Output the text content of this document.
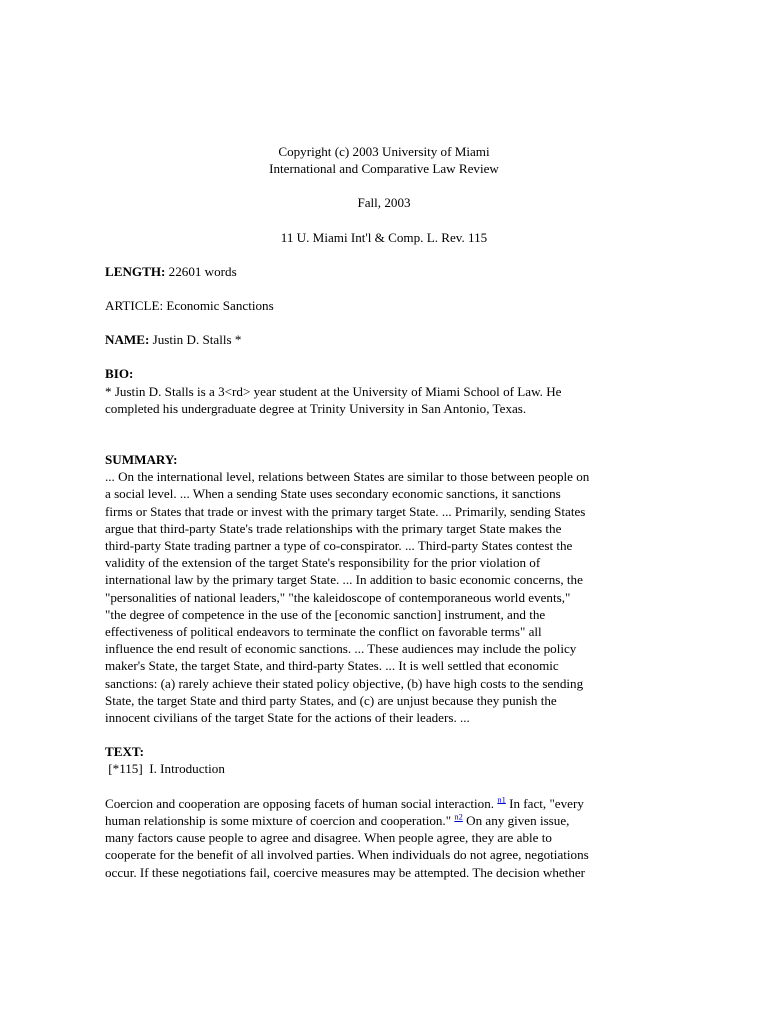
Copyright (c) 2003 University of Miami
International and Comparative Law Review
Fall, 2003
11 U. Miami Int'l & Comp. L. Rev. 115
LENGTH: 22601 words
ARTICLE: Economic Sanctions
NAME: Justin D. Stalls *
BIO:
* Justin D. Stalls is a 3<rd> year student at the University of Miami School of Law. He
completed his undergraduate degree at Trinity University in San Antonio, Texas.
SUMMARY:
... On the international level, relations between States are similar to those between people on
a social level. ... When a sending State uses secondary economic sanctions, it sanctions
firms or States that trade or invest with the primary target State. ... Primarily, sending States
argue that third-party State's trade relationships with the primary target State makes the
third-party State trading partner a type of co-conspirator. ... Third-party States contest the
validity of the extension of the target State's responsibility for the prior violation of
international law by the primary target State. ... In addition to basic economic concerns, the
"personalities of national leaders," "the kaleidoscope of contemporaneous world events,"
"the degree of competence in the use of the [economic sanction] instrument, and the
effectiveness of political endeavors to terminate the conflict on favorable terms" all
influence the end result of economic sanctions. ... These audiences may include the policy
maker's State, the target State, and third-party States. ... It is well settled that economic
sanctions: (a) rarely achieve their stated policy objective, (b) have high costs to the sending
State, the target State and third party States, and (c) are unjust because they punish the
innocent civilians of the target State for the actions of their leaders. ...
TEXT:
[*115] I. Introduction
Coercion and cooperation are opposing facets of human social interaction. $^{n1}$ In fact, "every
human relationship is some mixture of coercion and cooperation." $^{n2}$ On any given issue,
many factors cause people to agree and disagree. When people agree, they are able to
cooperate for the benefit of all involved parties. When individuals do not agree, negotiations
occur. If these negotiations fail, coercive measures may be attempted. The decision whether
